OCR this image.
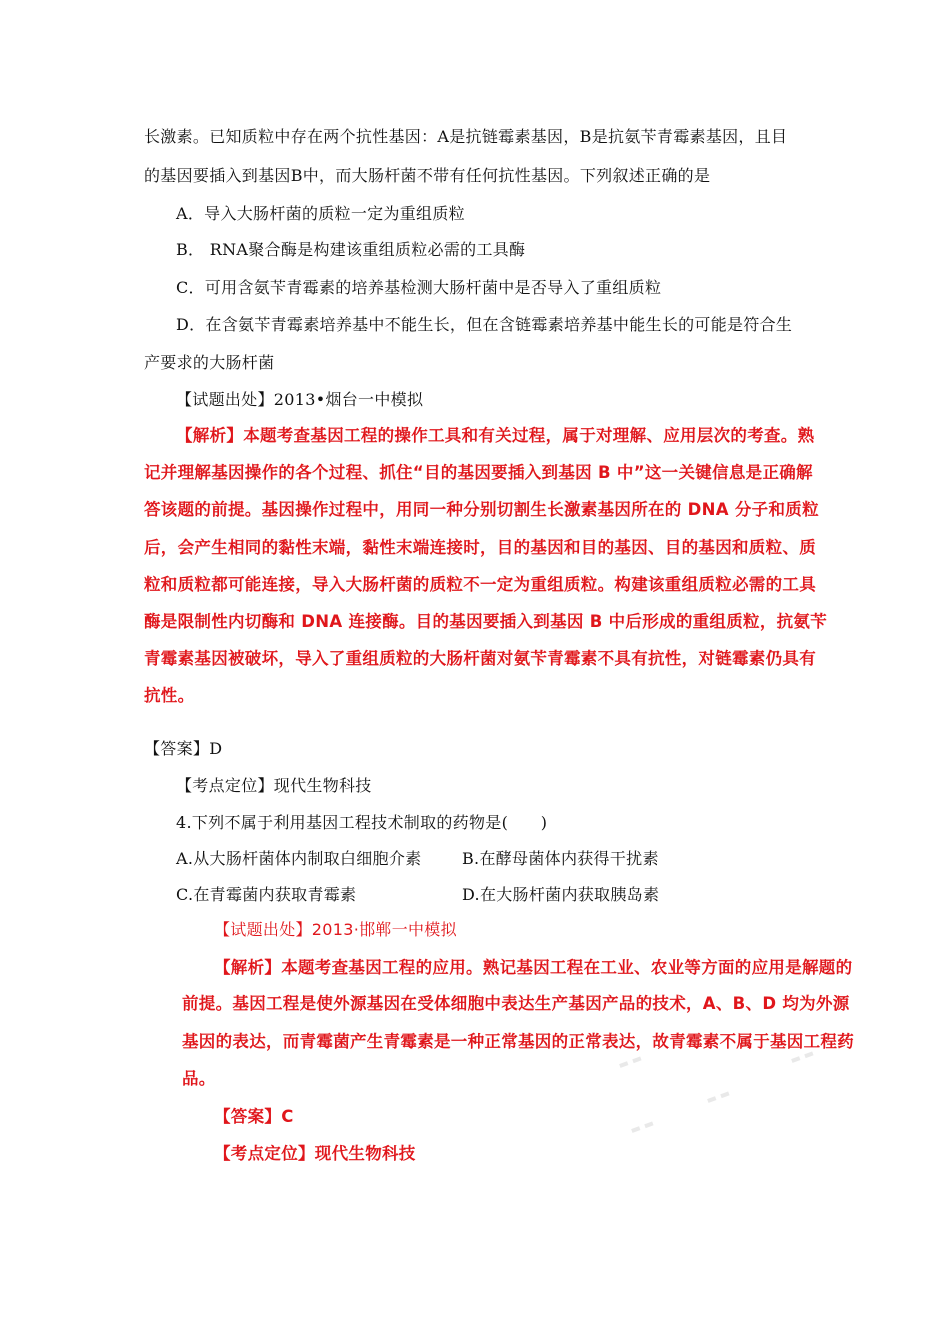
长激素。已知质粒中存在两个抗性基因：A是抗链霉素基因，B是抗氨苄青霉素基因，且目
的基因要插入到基因B中，而大肠杆菌不带有任何抗性基因。下列叙述正确的是
A．导入大肠杆菌的质粒一定为重组质粒
B． RNA聚合酶是构建该重组质粒必需的工具酶
C．可用含氨苄青霉素的培养基检测大肠杆菌中是否导入了重组质粒
D．在含氨苄青霉素培养基中不能生长，但在含链霉素培养基中能生长的可能是符合生
产要求的大肠杆菌
【试题出处】2013•烟台一中模拟
【解析】本题考查基因工程的操作工具和有关过程，属于对理解、应用层次的考查。熟
记并理解基因操作的各个过程、抓住“目的基因要插入到基因 B 中”这一关键信息是正确解
答该题的前提。基因操作过程中，用同一种分别切割生长激素基因所在的 DNA 分子和质粒
后，会产生相同的黏性末端，黏性末端连接时，目的基因和目的基因、目的基因和质粒、质
粒和质粒都可能连接，导入大肠杆菌的质粒不一定为重组质粒。构建该重组质粒必需的工具
酶是限制性内切酶和 DNA 连接酶。目的基因要插入到基因 B 中后形成的重组质粒，抗氨苄
青霉素基因被破坏，导入了重组质粒的大肠杆菌对氨苄青霉素不具有抗性，对链霉素仍具有
抗性。
【答案】D
【考点定位】现代生物科技
4.下列不属于利用基因工程技术制取的药物是(　　)
A.从大肠杆菌体内制取白细胞介素	B.在酵母菌体内获得干扰素
C.在青霉菌内获取青霉素	D.在大肠杆菌内获取胰岛素
【试题出处】2013·邯郸一中模拟
【解析】本题考查基因工程的应用。熟记基因工程在工业、农业等方面的应用是解题的
前提。基因工程是使外源基因在受体细胞中表达生产基因产品的技术，A、B、D 均为外源
基因的表达，而青霉菌产生青霉素是一种正常基因的正常表达，故青霉素不属于基因工程药
品。
【答案】C
【考点定位】现代生物科技
▬ ▬
▬ ▬
▬ ▬
▬ ▬
